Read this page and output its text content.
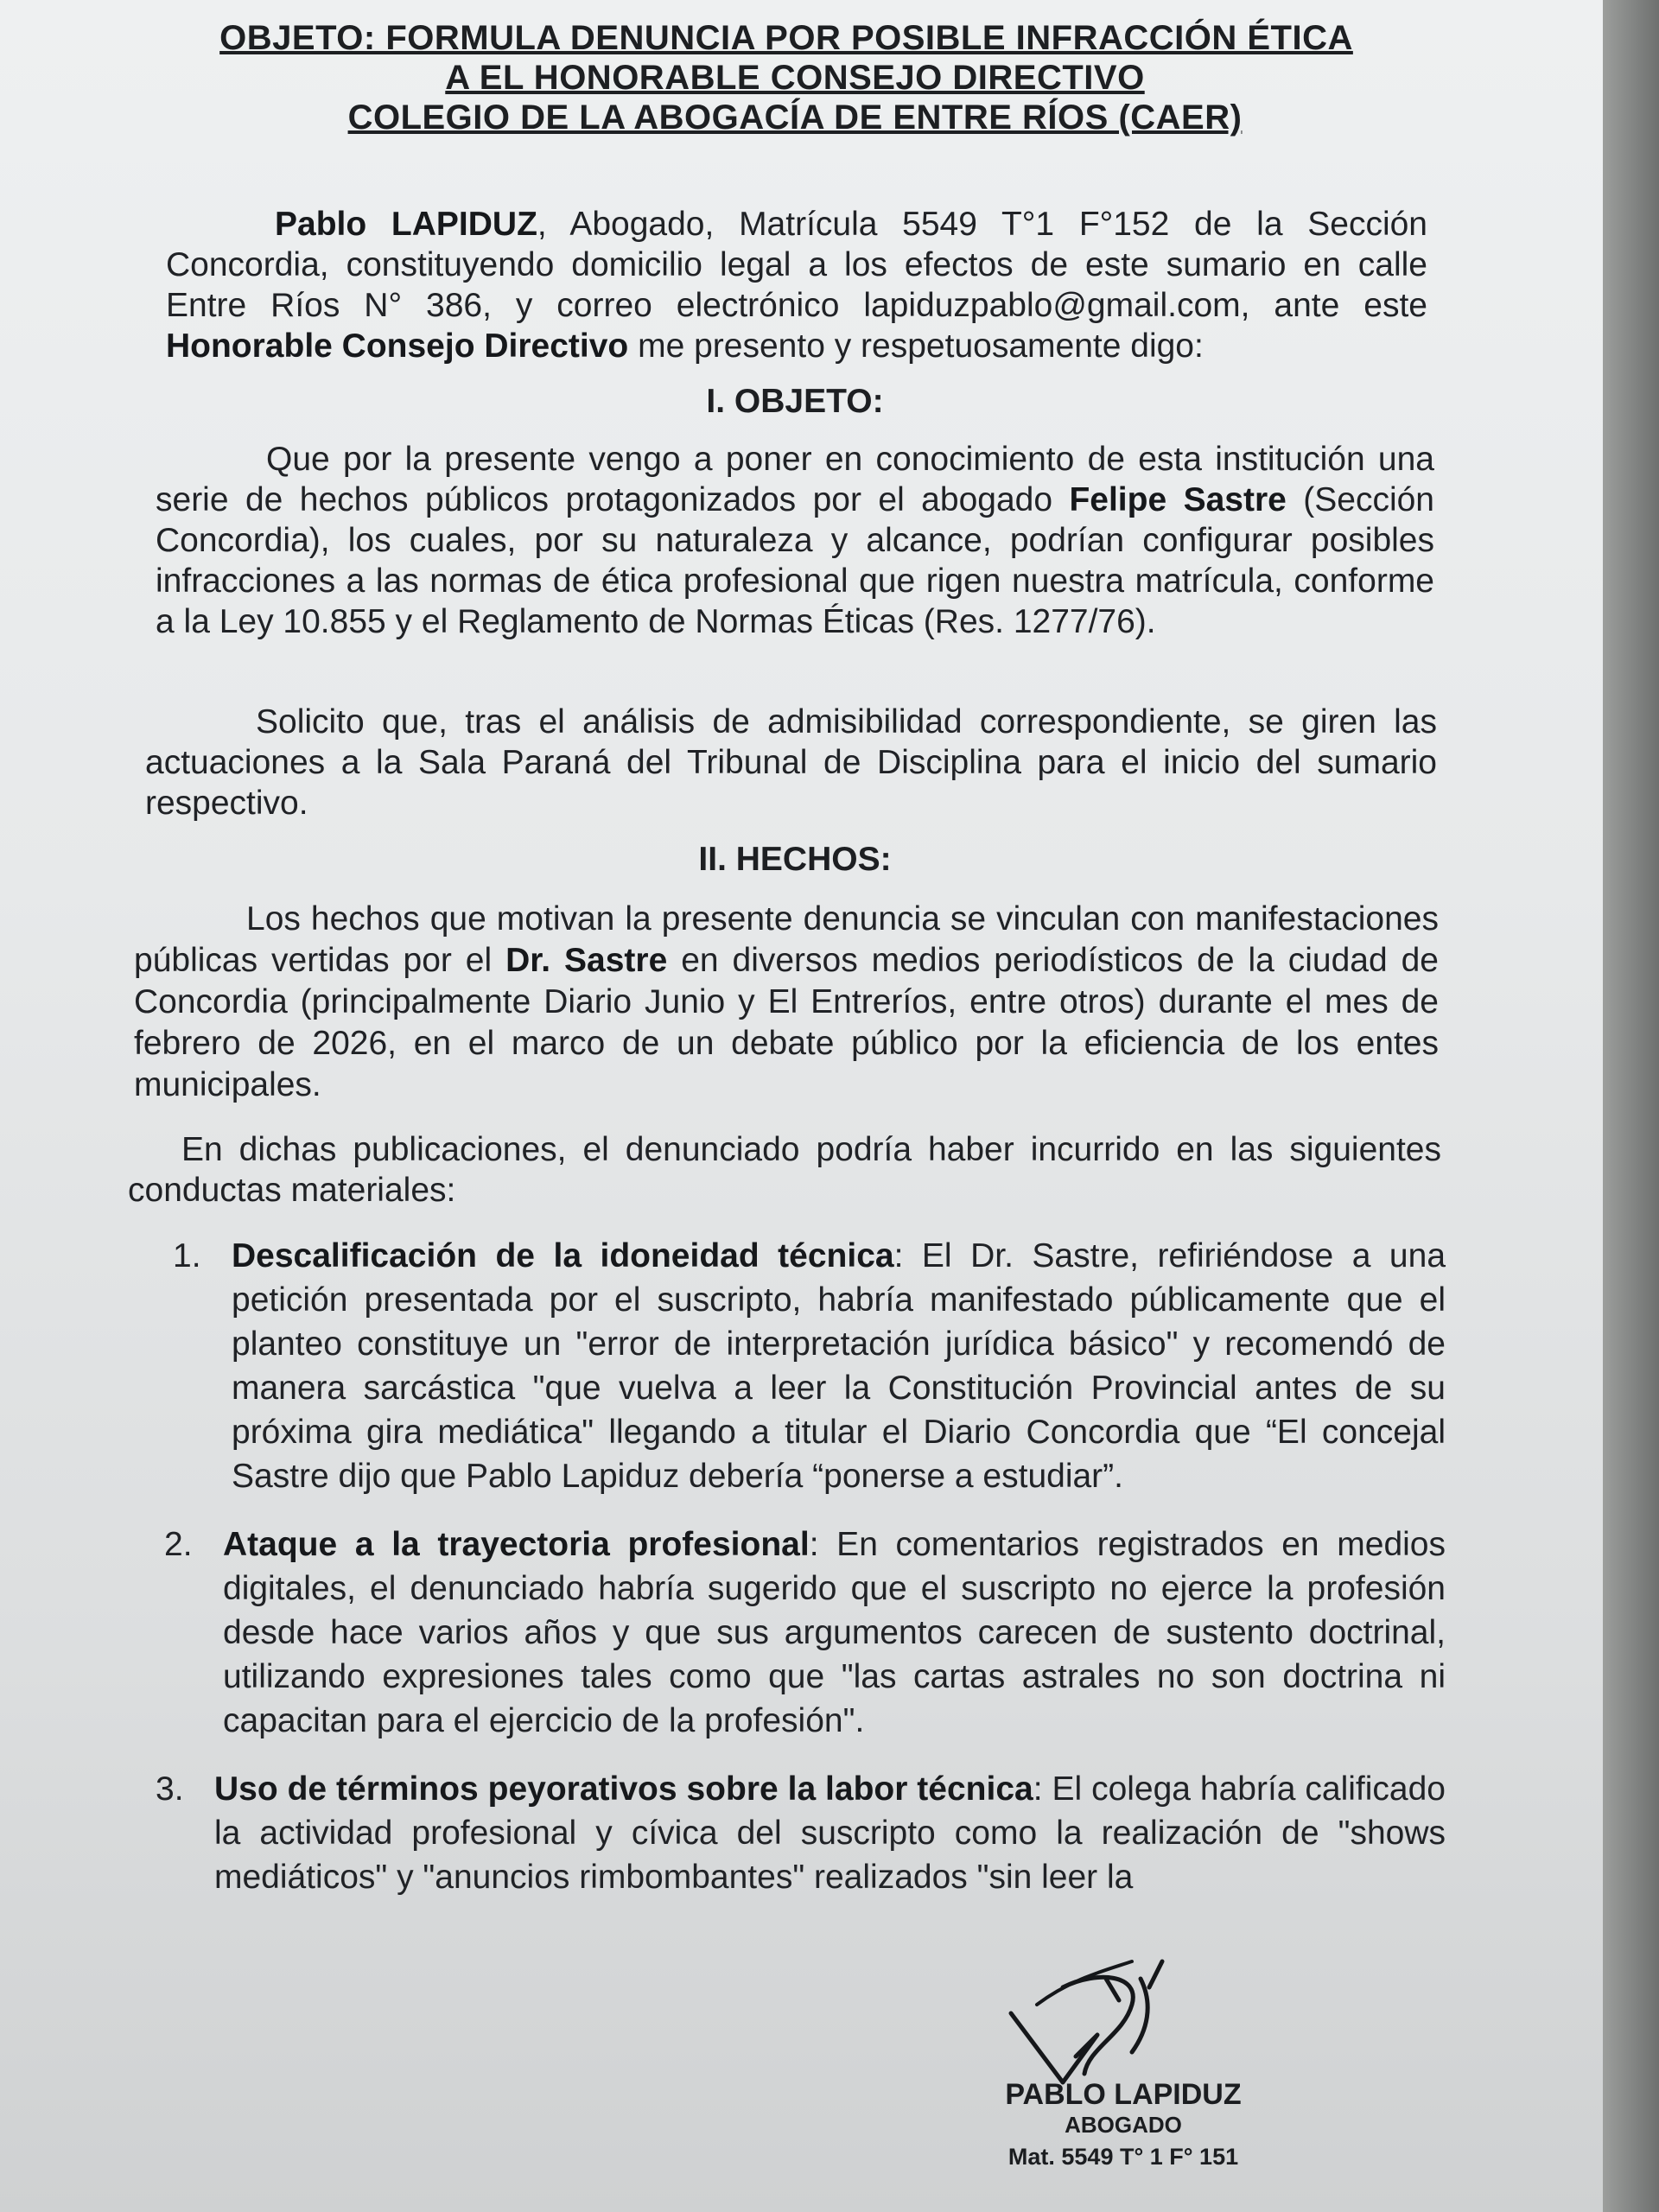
OBJETO: FORMULA DENUNCIA POR POSIBLE INFRACCIÓN ÉTICA
A EL HONORABLE CONSEJO DIRECTIVO
COLEGIO DE LA ABOGACÍA DE ENTRE RÍOS (CAER)
Pablo LAPIDUZ, Abogado, Matrícula 5549 T°1 F°152 de la Sección Concordia, constituyendo domicilio legal a los efectos de este sumario en calle Entre Ríos N° 386, y correo electrónico lapiduzpablo@gmail.com, ante este Honorable Consejo Directivo me presento y respetuosamente digo:
I. OBJETO:
Que por la presente vengo a poner en conocimiento de esta institución una serie de hechos públicos protagonizados por el abogado Felipe Sastre (Sección Concordia), los cuales, por su naturaleza y alcance, podrían configurar posibles infracciones a las normas de ética profesional que rigen nuestra matrícula, conforme a la Ley 10.855 y el Reglamento de Normas Éticas (Res. 1277/76).
Solicito que, tras el análisis de admisibilidad correspondiente, se giren las actuaciones a la Sala Paraná del Tribunal de Disciplina para el inicio del sumario respectivo.
II. HECHOS:
Los hechos que motivan la presente denuncia se vinculan con manifestaciones públicas vertidas por el Dr. Sastre en diversos medios periodísticos de la ciudad de Concordia (principalmente Diario Junio y El Entreríos, entre otros) durante el mes de febrero de 2026, en el marco de un debate público por la eficiencia de los entes municipales.
En dichas publicaciones, el denunciado podría haber incurrido en las siguientes conductas materiales:
1. Descalificación de la idoneidad técnica: El Dr. Sastre, refiriéndose a una petición presentada por el suscripto, habría manifestado públicamente que el planteo constituye un "error de interpretación jurídica básico" y recomendó de manera sarcástica "que vuelva a leer la Constitución Provincial antes de su próxima gira mediática" llegando a titular el Diario Concordia que “El concejal Sastre dijo que Pablo Lapiduz debería “ponerse a estudiar”.
2. Ataque a la trayectoria profesional: En comentarios registrados en medios digitales, el denunciado habría sugerido que el suscripto no ejerce la profesión desde hace varios años y que sus argumentos carecen de sustento doctrinal, utilizando expresiones tales como que "las cartas astrales no son doctrina ni capacitan para el ejercicio de la profesión".
3. Uso de términos peyorativos sobre la labor técnica: El colega habría calificado la actividad profesional y cívica del suscripto como la realización de "shows mediáticos" y "anuncios rimbombantes" realizados "sin leer la
PABLO LAPIDUZ
ABOGADO
Mat. 5549 T° 1 F° 151
